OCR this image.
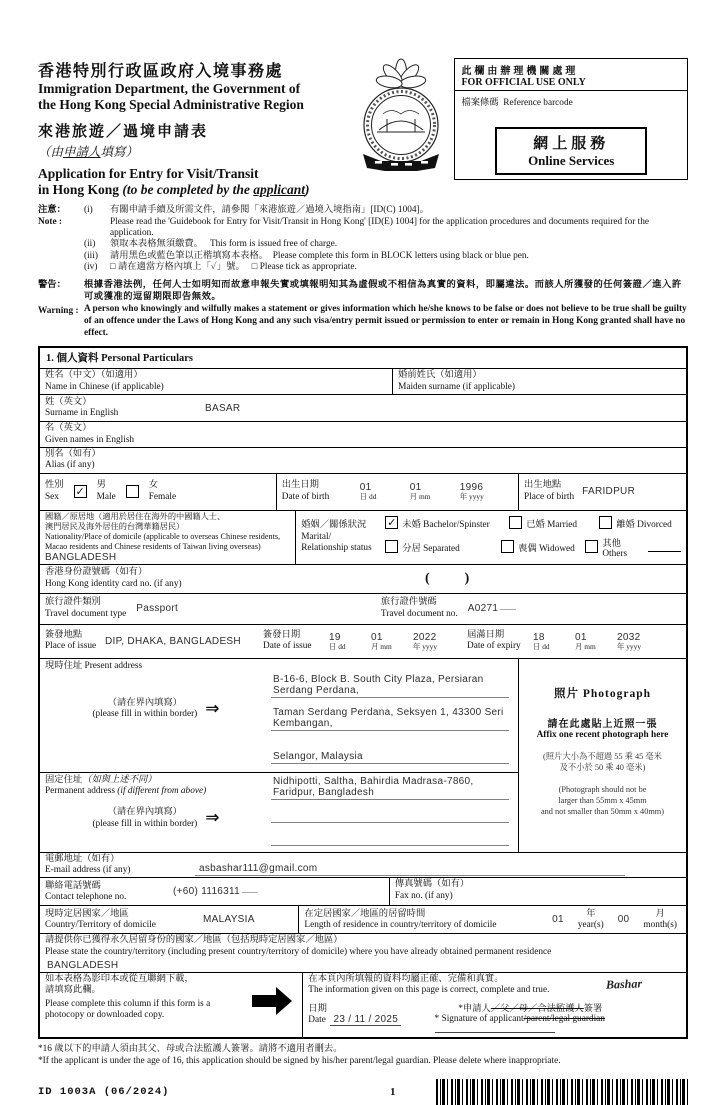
香港特別行政區政府入境事務處
Immigration Department, the Government of
the Hong Kong Special Administrative Region
來港旅遊／過境申請表
（由申請人填寫）
Application for Entry for Visit/Transit
in Hong Kong (to be completed by the applicant)
此欄由辦理機關處理
FOR OFFICIAL USE ONLY
檔案條碼 Reference barcode
網上服務
Online Services
注意：
Note :
(i)	有關申請手續及所需文件，請參閱「來港旅遊／過境入境指南」[ID(C) 1004]。
Please read the 'Guidebook for Entry for Visit/Transit in Hong Kong' [ID(E) 1004] for the application procedures and documents required for the application.
(ii)	領取本表格無須繳費。 This form is issued free of charge.
(iii)	請用黑色或藍色筆以正楷填寫本表格。 Please complete this form in BLOCK letters using black or blue pen.
(iv)	□ 請在適當方格內填上「✓」號。 □ Please tick as appropriate.
警告：
Warning :
根據香港法例，任何人士如明知而故意申報失實或填報明知其為虛假或不相信為真實的資料，即屬違法。而該人所獲發的任何簽證／進入許可或獲准的逗留期限即告無效。
A person who knowingly and wilfully makes a statement or gives information which he/she knows to be false or does not believe to be true shall be guilty of an offence under the Laws of Hong Kong and any such visa/entry permit issued or permission to enter or remain in Hong Kong granted shall have no effect.
1. 個人資料 Personal Particulars
姓名（中文）（如適用）
Name in Chinese (if applicable)
婚前姓氏（如適用）
Maiden surname (if applicable)
姓（英文）
Surname in English	BASAR
名（英文）
Given names in English
別名（如有）
Alias (if any)
性別
Sex	✓ 男
Male
女
Female
出生日期
Date of birth
01
日 dd
01
月 mm
1996
年 yyyy
出生地點
Place of birth FARIDPUR
國籍／原居地（適用於居住在海外的中國籍人士、
澳門居民及海外居住的台灣華籍居民）
Nationality/Place of domicile (applicable to overseas Chinese residents,
Macao residents and Chinese residents of Taiwan living overseas)
BANGLADESH
婚姻／關係狀況
Marital/
Relationship status
✓ 未婚 Bachelor/Spinster	已婚 Married	離婚 Divorced
分居 Separated	喪偶 Widowed	其他 Others
香港身份證號碼（如有）
Hong Kong identity card no. (if any)	(          )
旅行證件類別
Travel document type Passport
旅行證件號碼
Travel document no. A0271
簽發地點
Place of issue DIP, DHAKA, BANGLADESH
簽發日期
Date of issue
19
日 dd
01
月 mm
2022
年 yyyy
屆滿日期
Date of expiry
18
日 dd
01
月 mm
2032
年 yyyy
現時住址 Present address
（請在界內填寫）
(please fill in within border) ⇒
B-16-6, Block B. South City Plaza, Persiaran Serdang Perdana,
Taman Serdang Perdana, Seksyen 1, 43300 Seri Kembangan,
Selangor, Malaysia
固定住址（如與上述不同）
Permanent address (if different from above)
（請在界內填寫）
(please fill in within border) ⇒
Nidhipotti, Saltha, Bahirdia Madrasa-7860, Faridpur, Bangladesh
照片 Photograph
請在此處貼上近照一張
Affix one recent photograph here
(照片大小為不超過 55 乘 45 毫米
及不小於 50 乘 40 毫米)
(Photograph should not be
larger than 55mm x 45mm
and not smaller than 50mm x 40mm)
電郵地址（如有）
E-mail address (if any)	asbashar111@gmail.com
聯絡電話號碼
Contact telephone no.	(+60) 1116311
傳真號碼（如有）
Fax no. (if any)
現時定居國家／地區
Country/Territory of domicile	MALAYSIA
在定居國家／地區的居留時間
Length of residence in country/territory of domicile	01
年
year(s) 00
月
month(s)
請提供你已獲得永久居留身份的國家／地區（包括現時定居國家／地區）
Please state the country/territory (including present country/territory of domicile) where you have already obtained permanent residence
BANGLADESH
如本表格為影印本或從互聯網下載，
請填寫此欄。
Please complete this column if this form is a
photocopy or downloaded copy.
在本頁內所填報的資料均屬正確、完備和真實。
The information given on this page is correct, complete and true.	Bashar
日期	*申請人／父／母／合法監護人簽署
Date 23 / 11 / 2025	* Signature of applicant/parent/legal guardian
*16 歲以下的申請人須由其父、母或合法監護人簽署。請將不適用者刪去。
*If the applicant is under the age of 16, this application should be signed by his/her parent/legal guardian. Please delete where inappropriate.
ID 1003A (06/2024)	1
